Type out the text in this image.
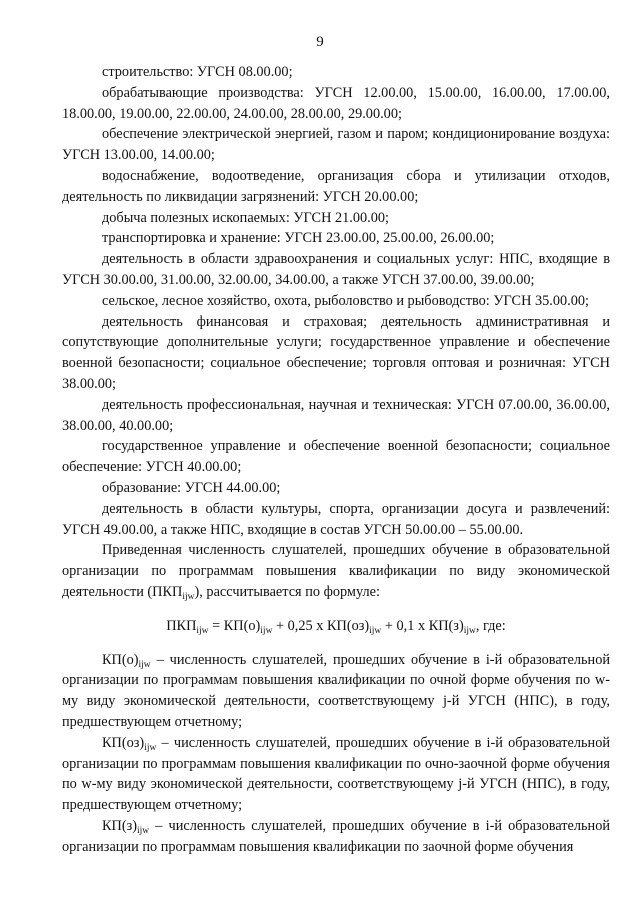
9

строительство: УГСН 08.00.00;

обрабатывающие производства: УГСН 12.00.00, 15.00.00, 16.00.00, 17.00.00, 18.00.00, 19.00.00, 22.00.00, 24.00.00, 28.00.00, 29.00.00;

обеспечение электрической энергией, газом и паром; кондиционирование воздуха: УГСН 13.00.00, 14.00.00;

водоснабжение, водоотведение, организация сбора и утилизации отходов, деятельность по ликвидации загрязнений: УГСН 20.00.00;

добыча полезных ископаемых: УГСН 21.00.00;

транспортировка и хранение: УГСН 23.00.00, 25.00.00, 26.00.00;

деятельность в области здравоохранения и социальных услуг: НПС, входящие в УГСН 30.00.00, 31.00.00, 32.00.00, 34.00.00, а также УГСН 37.00.00, 39.00.00;

сельское, лесное хозяйство, охота, рыболовство и рыбоводство: УГСН 35.00.00;

деятельность финансовая и страховая; деятельность административная и сопутствующие дополнительные услуги; государственное управление и обеспечение военной безопасности; социальное обеспечение; торговля оптовая и розничная: УГСН 38.00.00;

деятельность профессиональная, научная и техническая: УГСН 07.00.00, 36.00.00, 38.00.00, 40.00.00;

государственное управление и обеспечение военной безопасности; социальное обеспечение: УГСН 40.00.00;

образование: УГСН 44.00.00;

деятельность в области культуры, спорта, организации досуга и развлечений: УГСН 49.00.00, а также НПС, входящие в состав УГСН 50.00.00 – 55.00.00.

Приведенная численность слушателей, прошедших обучение в образовательной организации по программам повышения квалификации по виду экономической деятельности $(ПКП_{ijw})$, рассчитывается по формуле:

$ПКП_{ijw} = КП(о)_{ijw} + 0,25$ x $КП(оз)_{ijw} + 0,1$ x $КП(з)_{ijw}$, где:

$КП(о)_{ijw}$ – численность слушателей, прошедших обучение в i-й образовательной организации по программам повышения квалификации по очной форме обучения по w-му виду экономической деятельности, соответствующему j-й УГСН (НПС), в году, предшествующем отчетному;

$КП(оз)_{ijw}$ – численность слушателей, прошедших обучение в i-й образовательной организации по программам повышения квалификации по очно-заочной форме обучения по w-му виду экономической деятельности, соответствующему j-й УГСН (НПС), в году, предшествующем отчетному;

$КП(з)_{ijw}$ – численность слушателей, прошедших обучение в i-й образовательной организации по программам повышения квалификации по заочной форме обучения
